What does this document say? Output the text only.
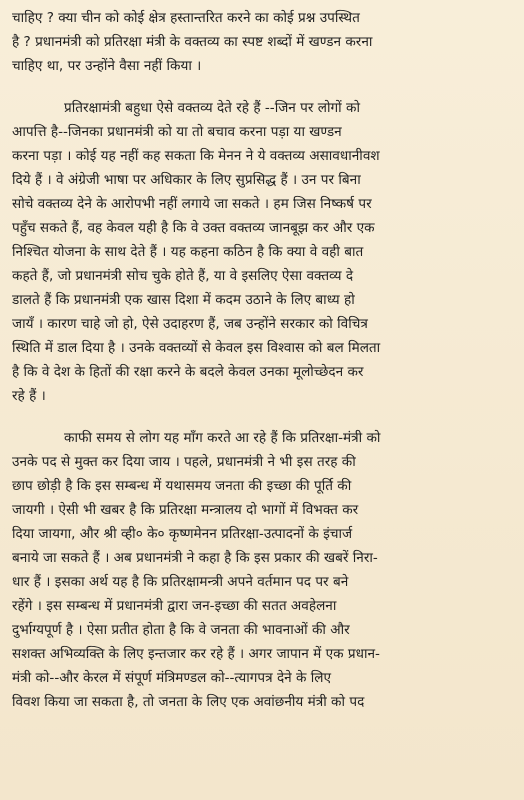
चाहिए ? क्या चीन को कोई क्षेत्र हस्तान्तरित करने का कोई प्रश्न उपस्थित
है ? प्रधानमंत्री को प्रतिरक्षा मंत्री के वक्तव्य का स्पष्ट शब्दों में खण्डन करना
चाहिए था, पर उन्होंने वैसा नहीं किया ।

प्रतिरक्षामंत्री बहुधा ऐसे वक्तव्य देते रहे हैं --जिन पर लोगों को
आपत्ति है--जिनका प्रधानमंत्री को या तो बचाव करना पड़ा या खण्डन
करना पड़ा । कोई यह नहीं कह सकता कि मेनन ने ये वक्तव्य असावधानीवश
दिये हैं । वे अंग्रेजी भाषा पर अधिकार के लिए सुप्रसिद्ध हैं । उन पर बिना
सोचे वक्तव्य देने के आरोपभी नहीं लगाये जा सकते । हम जिस निष्कर्ष पर
पहुँच सकते हैं, वह केवल यही है कि वे उक्त वक्तव्य जानबूझ कर और एक
निश्चित योजना के साथ देते हैं । यह कहना कठिन है कि क्या वे वही बात
कहते हैं, जो प्रधानमंत्री सोच चुके होते हैं, या वे इसलिए ऐसा वक्तव्य दे
डालते हैं कि प्रधानमंत्री एक खास दिशा में कदम उठाने के लिए बाध्य हो
जायँ । कारण चाहे जो हो, ऐसे उदाहरण हैं, जब उन्होंने सरकार को विचित्र
स्थिति में डाल दिया है । उनके वक्तव्यों से केवल इस विश्वास को बल मिलता
है कि वे देश के हितों की रक्षा करने के बदले केवल उनका मूलोच्छेदन कर
रहे हैं ।

काफी समय से लोग यह माँग करते आ रहे हैं कि प्रतिरक्षा-मंत्री को
उनके पद से मुक्त कर दिया जाय । पहले, प्रधानमंत्री ने भी इस तरह की
छाप छोड़ी है कि इस सम्बन्ध में यथासमय जनता की इच्छा की पूर्ति की
जायगी । ऐसी भी खबर है कि प्रतिरक्षा मन्त्रालय दो भागों में विभक्त कर
दिया जायगा, और श्री व्ही० के० कृष्णमेनन प्रतिरक्षा-उत्पादनों के इंचार्ज
बनाये जा सकते हैं । अब प्रधानमंत्री ने कहा है कि इस प्रकार की खबरें निरा-
धार हैं । इसका अर्थ यह है कि प्रतिरक्षामन्त्री अपने वर्तमान पद पर बने
रहेंगे । इस सम्बन्ध में प्रधानमंत्री द्वारा जन-इच्छा की सतत अवहेलना
दुर्भाग्यपूर्ण है । ऐसा प्रतीत होता है कि वे जनता की भावनाओं की और
सशक्त अभिव्यक्ति के लिए इन्तजार कर रहे हैं । अगर जापान में एक प्रधान-
मंत्री को--और केरल में संपूर्ण मंत्रिमण्डल को--त्यागपत्र देने के लिए
विवश किया जा सकता है, तो जनता के लिए एक अवांछनीय मंत्री को पद
